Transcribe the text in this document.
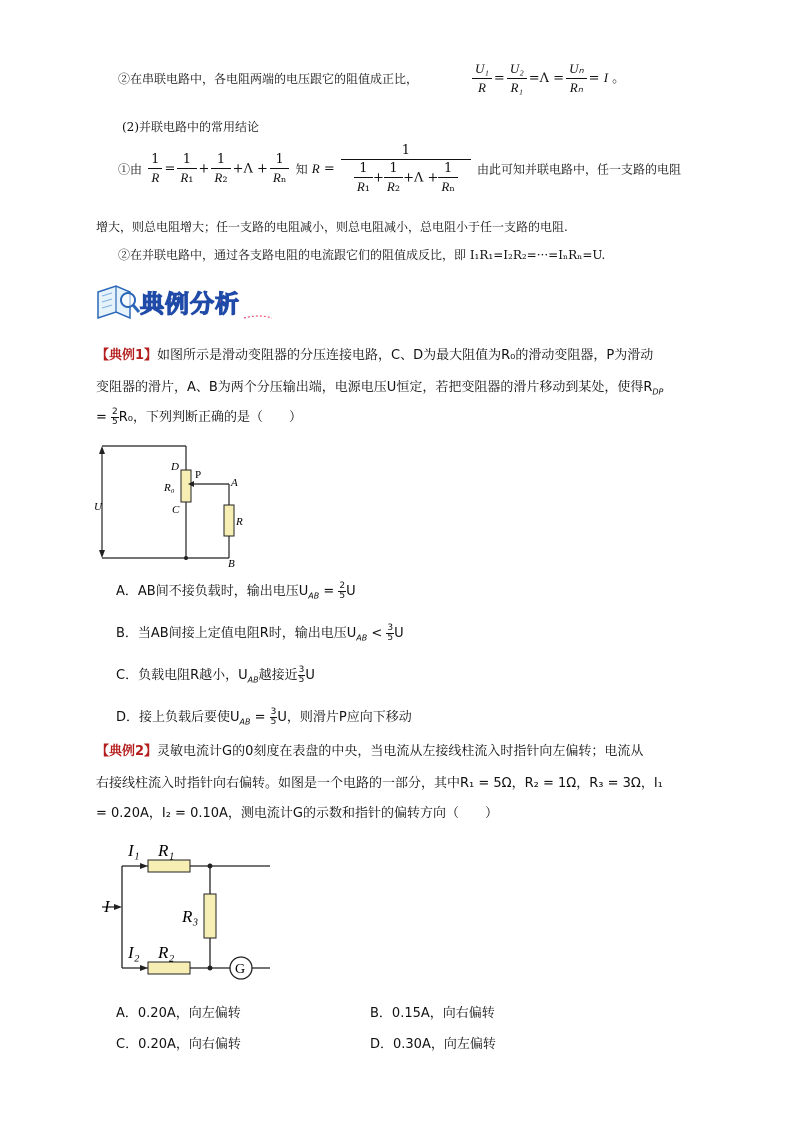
②在串联电路中，各电阻两端的电压跟它的阻值成正比，	$\frac{\text{U₁}}{R} = \frac{\text{U₂}}{\text{R₁}} =\Lambda = \frac{\text{Uₙ}}{\text{Rₙ}} = I$ 。
(2)并联电路中的常用结论
①由 $\frac{1}{R} = \frac{1}{\text{R₁}} + \frac{1}{\text{R₂}} +\Lambda + \frac{1}{\text{Rₙ}}$ 知 $R = \frac{1}{\frac{1}{\text{R₁}} + \frac{1}{\text{R₂}} +\Lambda + \frac{1}{\text{Rₙ}}}$ 由此可知并联电路中，任一支路的电阻
增大，则总电阻增大；任一支路的电阻减小，则总电阻减小，总电阻小于任一支路的电阻.
②在并联电路中，通过各支路电阻的电流跟它们的阻值成反比，即 I₁R₁=I₂R₂=···=IₙRₙ=U.
典例分析
【典例1】如图所示是滑动变阻器的分压连接电路，C、D为最大阻值为R₀的滑动变阻器，P为滑动
变阻器的滑片，A、B为两个分压输出端，电源电压U恒定，若把变阻器的滑片移动到某处，使得$R_{DP}$
= $\frac{2}{5} R_0$，下列判断正确的是（　　）
D
P
R₀
C
A
R
U
B
A．AB间不接负载时，输出电压$U_{AB} = \frac{2}{5}$ U
B．当AB间接上定值电阻R时，输出电压$U_{AB} < \frac{3}{5}$ U
C．负载电阻R越小，$U_{AB}$越接近 $\frac{3}{5}$ U
D．接上负载后要使$U_{AB} = \frac{3}{5}$ U，则滑片P应向下移动
【典例2】灵敏电流计G的0刻度在表盘的中央，当电流从左接线柱流入时指针向左偏转；电流从
右接线柱流入时指针向右偏转。如图是一个电路的一部分，其中R₁ = 5Ω，R₂ = 1Ω，R₃ = 3Ω，I₁
= 0.20A，I₂ = 0.10A，测电流计G的示数和指针的偏转方向（　　）
G
I₁ R₁
I
R₃
I₂ R₂
A．0.20A，向左偏转	B．0.15A，向右偏转
C．0.20A，向右偏转	D．0.30A，向左偏转
